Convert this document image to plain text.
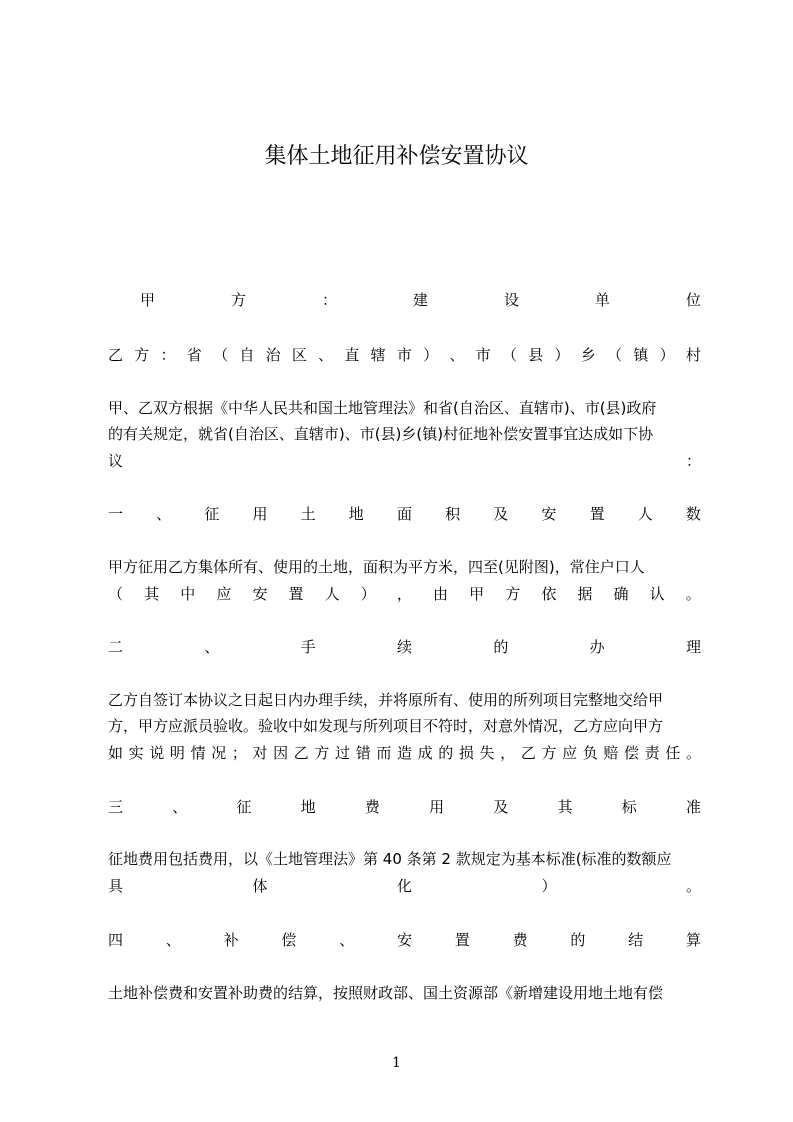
集体土地征用补偿安置协议
甲	方	：	建	设	单	位
乙 方 ： 省 （ 自 治 区 、 直 辖 市 ） 、 市 （ 县 ） 乡 （ 镇 ） 村
甲、乙双方根据《中华人民共和国土地管理法》和省(自治区、直辖市)、市(县)政府
的有关规定，就省(自治区、直辖市)、市(县)乡(镇)村征地补偿安置事宜达成如下协
议	：
一 、 征 用 土 地 面 积 及 安 置 人 数
甲方征用乙方集体所有、使用的土地，面积为平方米，四至(见附图)，常住户口人
（ 其 中 应 安 置 人 ） ， 由 甲 方 依 据 确 认 。
二	、	手	续	的	办	理
乙方自签订本协议之日起日内办理手续，并将原所有、使用的所列项目完整地交给甲
方，甲方应派员验收。验收中如发现与所列项目不符时，对意外情况，乙方应向甲方
如 实 说 明 情 况 ； 对 因 乙 方 过 错 而 造 成 的 损 失 ， 乙 方 应 负 赔 偿 责 任 。
三	、	征	地	费	用	及	其	标	准
征地费用包括费用，以《土地管理法》第 40 条第 2 款规定为基本标准(标准的数额应
具	体	化	）	。
四	、	补	偿	、	安	置	费	的	结	算
土地补偿费和安置补助费的结算，按照财政部、国土资源部《新增建设用地土地有偿
1
